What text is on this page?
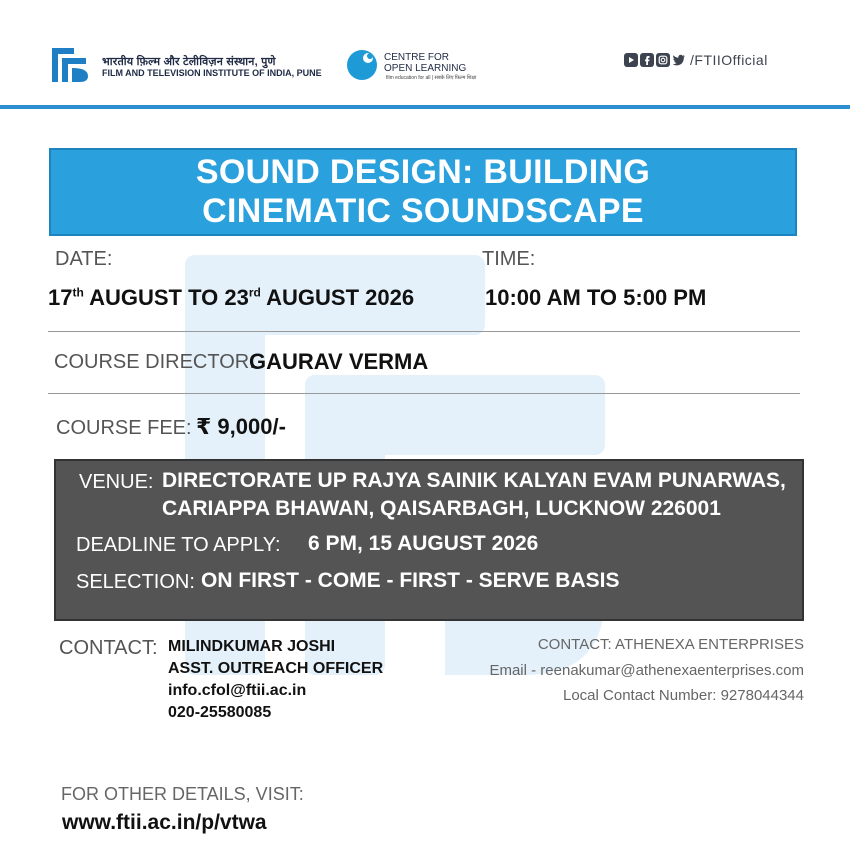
भारतीय फ़िल्म और टेलीविज़न संस्थान, पुणे
FILM AND TELEVISION INSTITUTE OF INDIA, PUNE
CENTRE FOR
OPEN LEARNING
film education for all | सबके लिए फ़िल्म शिक्षा
/FTIIOfficial
SOUND DESIGN: BUILDING
CINEMATIC SOUNDSCAPE
DATE:
17th AUGUST TO 23rd AUGUST 2026
TIME:
10:00 AM TO 5:00 PM
COURSE DIRECTOR:
GAURAV VERMA
COURSE FEE: ₹ 9,000/-
VENUE: DIRECTORATE UP RAJYA SAINIK KALYAN EVAM PUNARWAS,
CARIAPPA BHAWAN, QAISARBAGH, LUCKNOW 226001
DEADLINE TO APPLY: 6 PM, 15 AUGUST 2026
SELECTION: ON FIRST - COME - FIRST - SERVE BASIS
CONTACT: MILINDKUMAR JOSHI
ASST. OUTREACH OFFICER
info.cfol@ftii.ac.in
020-25580085
CONTACT: ATHENEXA ENTERPRISES
Email - reenakumar@athenexaenterprises.com
Local Contact Number: 9278044344
FOR OTHER DETAILS, VISIT:
www.ftii.ac.in/p/vtwa
